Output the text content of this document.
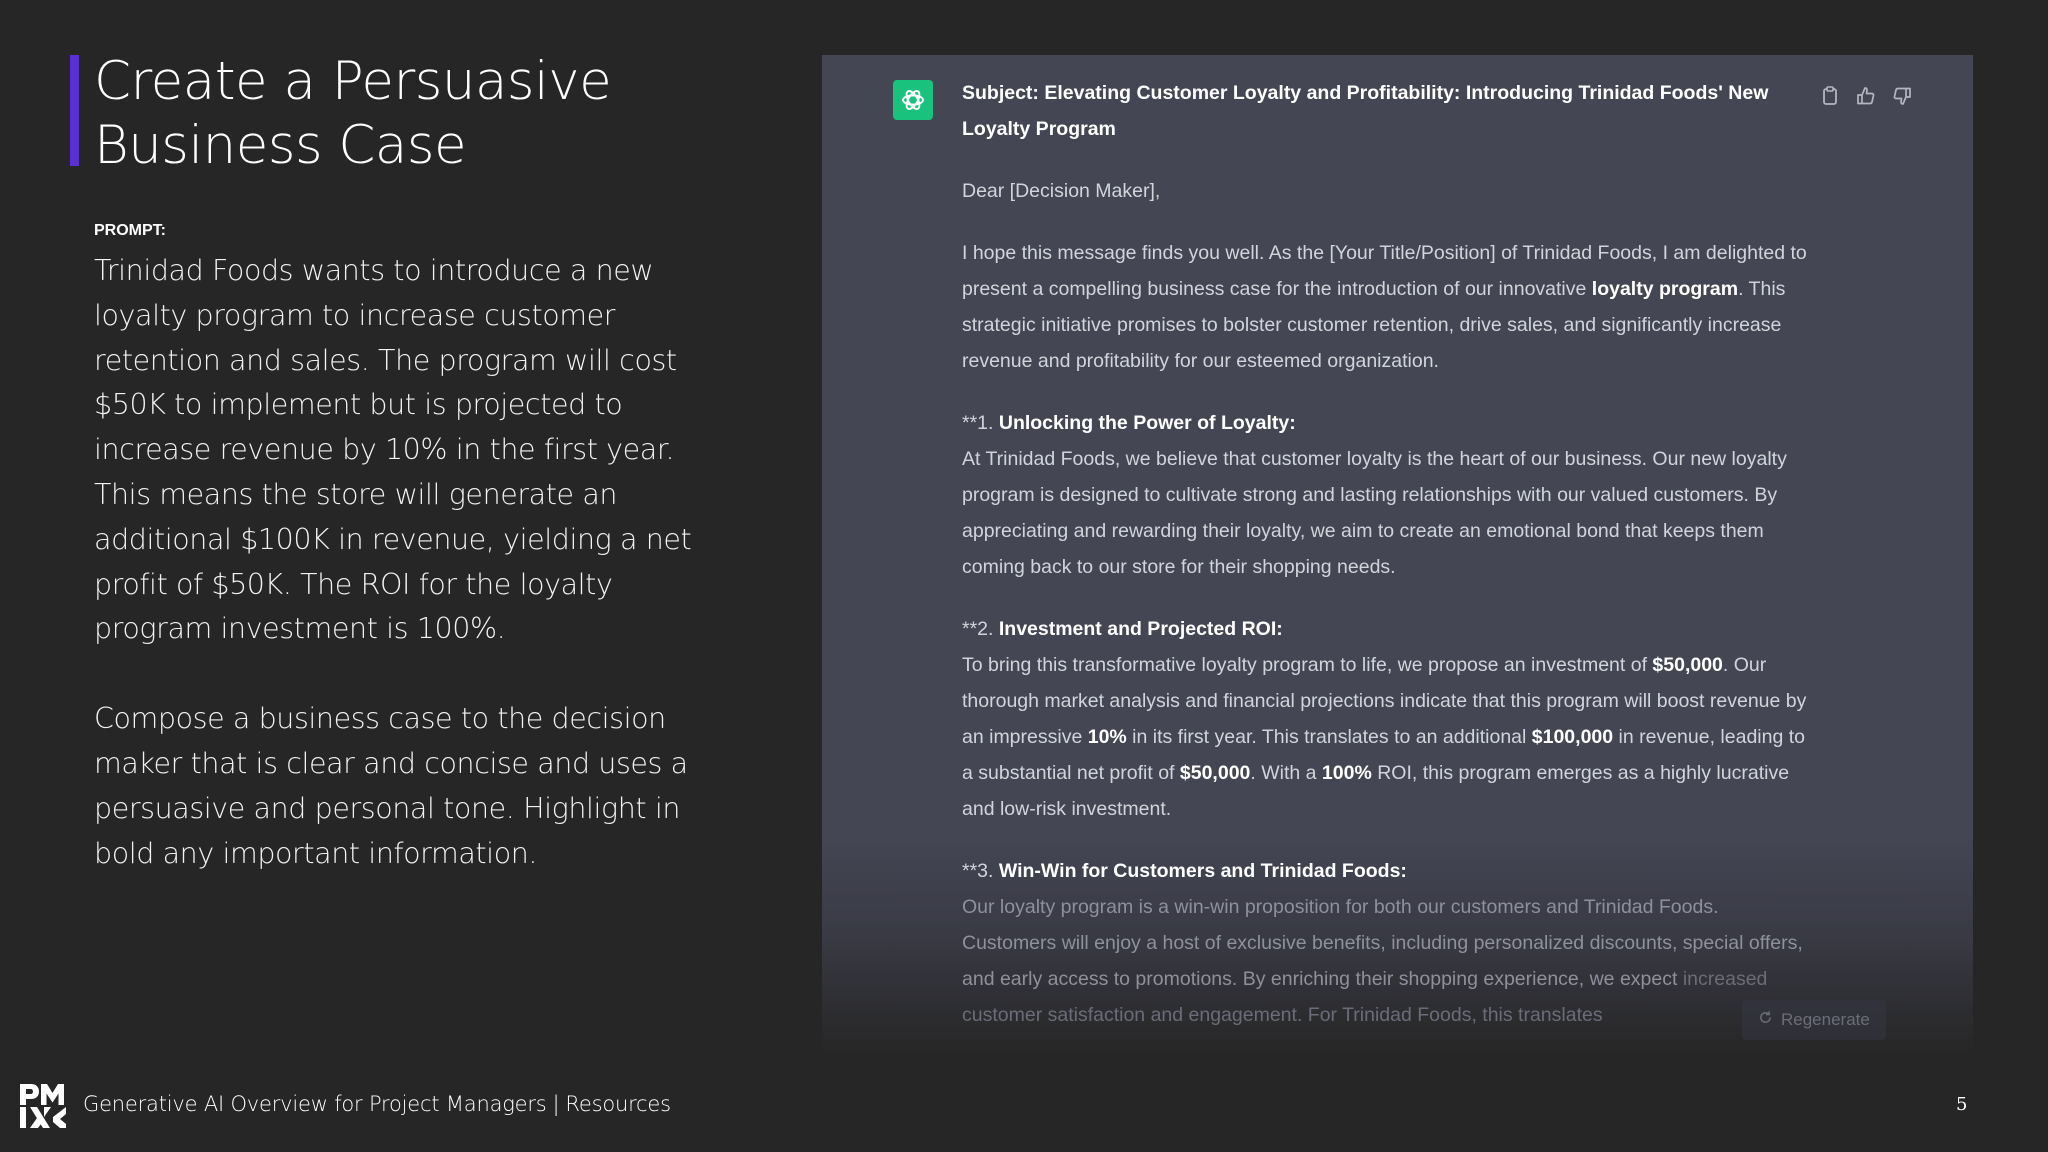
Create a Persuasive Business Case
PROMPT:

Trinidad Foods wants to introduce a new loyalty program to increase customer retention and sales. The program will cost $50K to implement but is projected to increase revenue by 10% in the first year. This means the store will generate an additional $100K in revenue, yielding a net profit of $50K. The ROI for the loyalty program investment is 100%.

Compose a business case to the decision maker that is clear and concise and uses a persuasive and personal tone. Highlight in bold any important information.

Subject: Elevating Customer Loyalty and Profitability: Introducing Trinidad Foods' New Loyalty Program

Dear [Decision Maker],

I hope this message finds you well. As the [Your Title/Position] of Trinidad Foods, I am delighted to present a compelling business case for the introduction of our innovative loyalty program. This strategic initiative promises to bolster customer retention, drive sales, and significantly increase revenue and profitability for our esteemed organization.

**1. Unlocking the Power of Loyalty:
At Trinidad Foods, we believe that customer loyalty is the heart of our business. Our new loyalty program is designed to cultivate strong and lasting relationships with our valued customers. By appreciating and rewarding their loyalty, we aim to create an emotional bond that keeps them coming back to our store for their shopping needs.

**2. Investment and Projected ROI:
To bring this transformative loyalty program to life, we propose an investment of $50,000. Our thorough market analysis and financial projections indicate that this program will boost revenue by an impressive 10% in its first year. This translates to an additional $100,000 in revenue, leading to a substantial net profit of $50,000. With a 100% ROI, this program emerges as a highly lucrative and low-risk investment.

**3. Win-Win for Customers and Trinidad Foods:
Our loyalty program is a win-win proposition for both our customers and Trinidad Foods. Customers will enjoy a host of exclusive benefits, including personalized discounts, special offers, and early access to promotions. By enriching their shopping experience, we expect increased customer satisfaction and engagement. For Trinidad Foods, this translates	Regenerate
Generative AI Overview for Project Managers | Resources	5
